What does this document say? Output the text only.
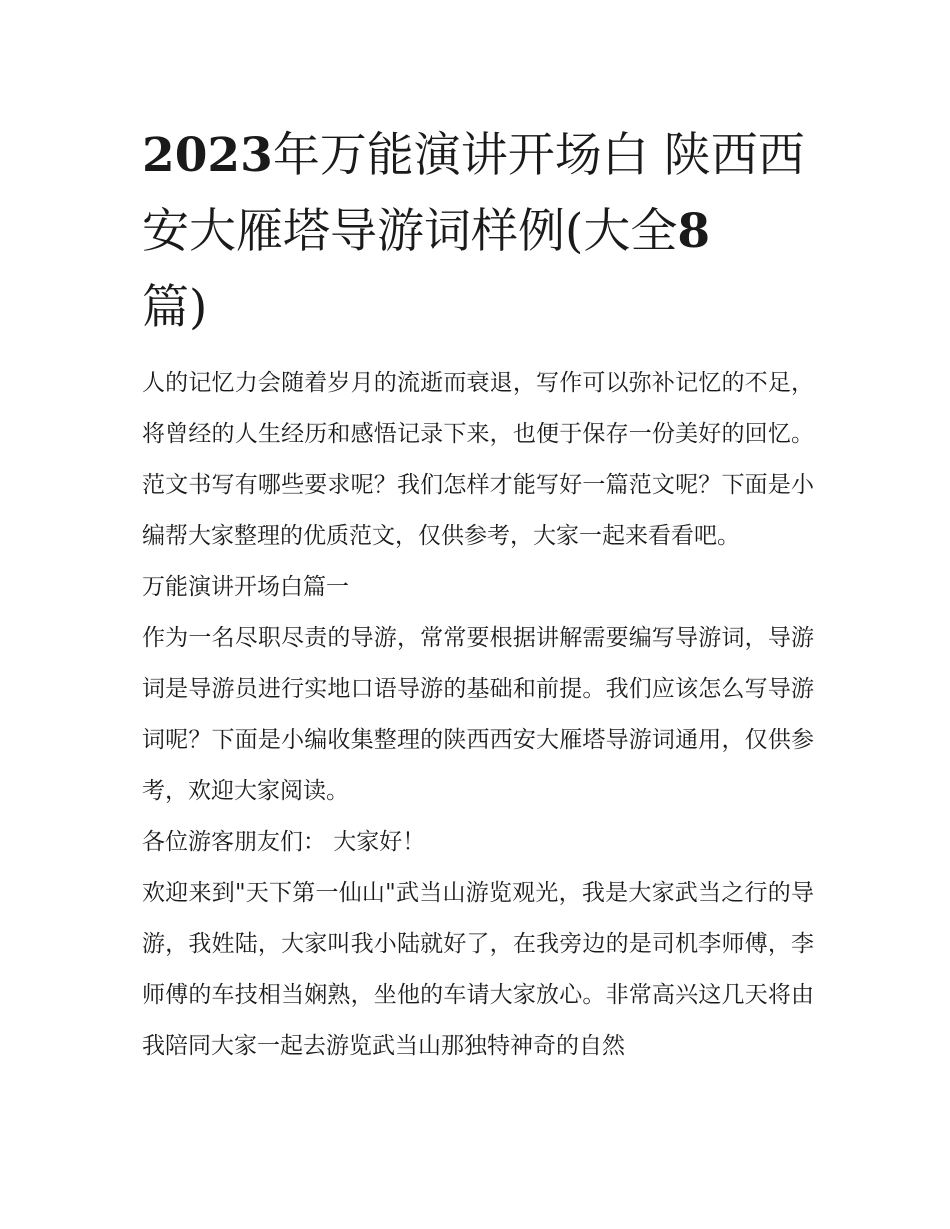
2023年万能演讲开场白 陕西西安大雁塔导游词样例(大全8
篇)

人的记忆力会随着岁月的流逝而衰退，写作可以弥补记忆的不足，将曾经的人生经历和感悟记录下来，也便于保存一份美好的回忆。范文书写有哪些要求呢？我们怎样才能写好一篇范文呢？下面是小编帮大家整理的优质范文，仅供参考，大家一起来看看吧。

万能演讲开场白篇一

作为一名尽职尽责的导游，常常要根据讲解需要编写导游词，导游词是导游员进行实地口语导游的基础和前提。我们应该怎么写导游词呢？下面是小编收集整理的陕西西安大雁塔导游词通用，仅供参考，欢迎大家阅读。

各位游客朋友们： 大家好！

欢迎来到"天下第一仙山"武当山游览观光，我是大家武当之行的导游，我姓陆，大家叫我小陆就好了，在我旁边的是司机李师傅，李师傅的车技相当娴熟，坐他的车请大家放心。非常高兴这几天将由我陪同大家一起去游览武当山那独特神奇的自然
